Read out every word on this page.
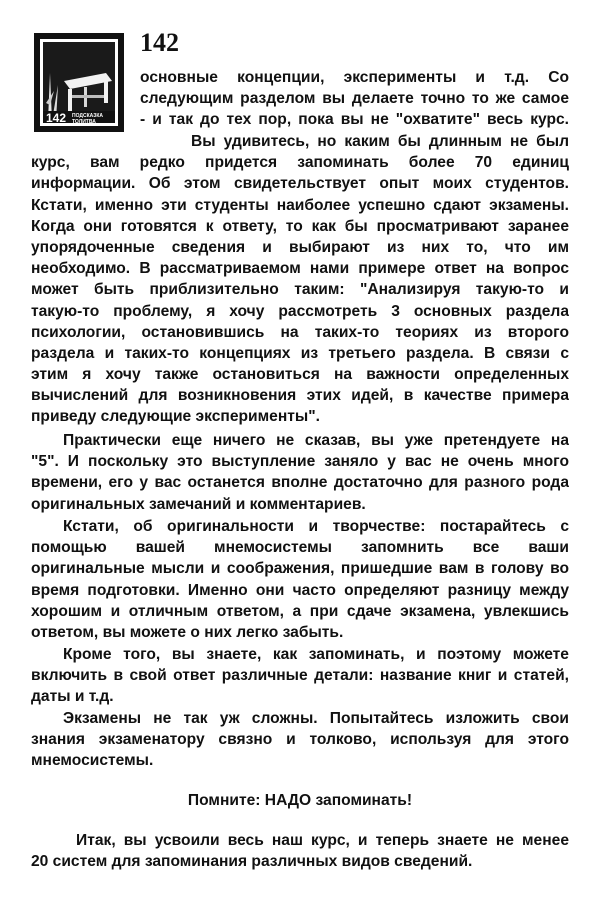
142 ПОДСКАЗКА
ТОЛИТВА
142
основные концепции, эксперименты и т.д. Со
следующим разделом вы делаете точно то же самое
- и так до тех пор, пока вы не "охватите" весь курс.
Вы удивитесь, но каким бы длинным не был
курс, вам редко придется запоминать более 70 единиц
информации. Об этом свидетельствует опыт моих студентов.
Кстати, именно эти студенты наиболее успешно сдают экзамены.
Когда они готовятся к ответу, то как бы просматривают заранее
упорядоченные сведения и выбирают из них то, что им
необходимо. В рассматриваемом нами примере ответ на вопрос
может быть приблизительно таким: "Анализируя такую-то и
такую-то проблему, я хочу рассмотреть 3 основных раздела
психологии, остановившись на таких-то теориях из второго
раздела и таких-то концепциях из третьего раздела. В связи с
этим я хочу также остановиться на важности определенных
вычислений для возникновения этих идей, в качестве примера
приведу следующие эксперименты".
Практически еще ничего не сказав, вы уже претендуете на
"5". И поскольку это выступление заняло у вас не очень много
времени, его у вас останется вполне достаточно для разного рода
оригинальных замечаний и комментариев.
Кстати, об оригинальности и творчестве: постарайтесь с
помощью вашей мнемосистемы запомнить все ваши
оригинальные мысли и соображения, пришедшие вам в голову во
время подготовки. Именно они часто определяют разницу между
хорошим и отличным ответом, а при сдаче экзамена, увлекшись
ответом, вы можете о них легко забыть.
Кроме того, вы знаете, как запоминать, и поэтому можете
включить в свой ответ различные детали: название книг и статей,
даты и т.д.
Экзамены не так уж сложны. Попытайтесь изложить свои
знания экзаменатору связно и толково, используя для этого
мнемосистемы.
Помните: НАДО запоминать!
Итак, вы усвоили весь наш курс, и теперь знаете не менее
20 систем для запоминания различных видов сведений.
